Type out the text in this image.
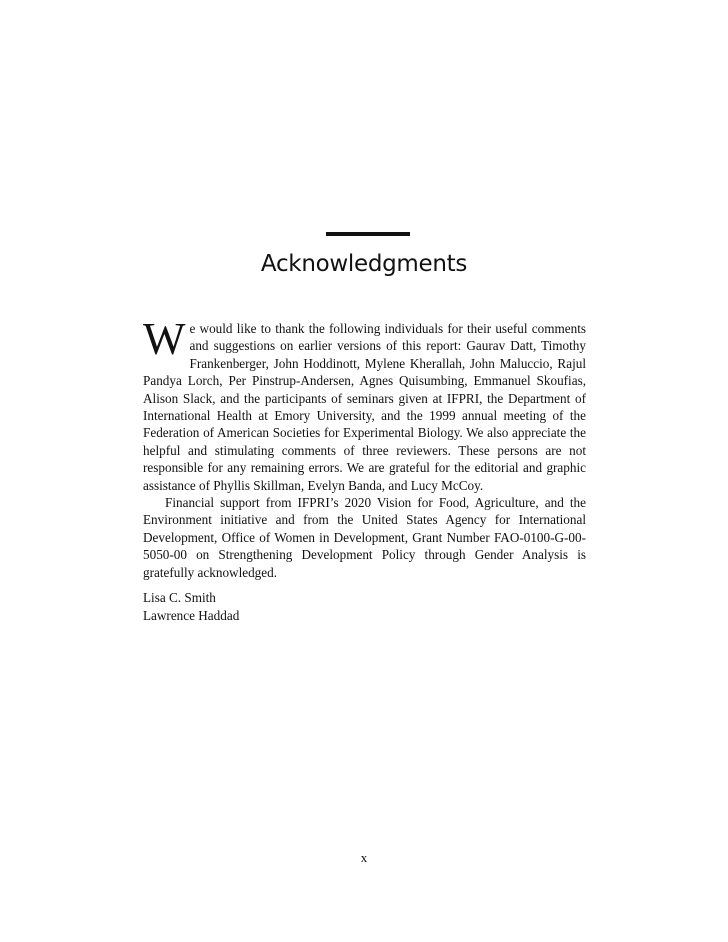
Acknowledgments

We would like to thank the following individuals for their useful comments and suggestions on earlier versions of this report: Gaurav Datt, Timothy Frankenberger, John Hoddinott, Mylene Kherallah, John Maluccio, Rajul Pandya Lorch, Per Pinstrup-Andersen, Agnes Quisumbing, Emmanuel Skoufias, Alison Slack, and the participants of seminars given at IFPRI, the Department of International Health at Emory University, and the 1999 annual meeting of the Federation of American Societies for Experimental Biology. We also appreciate the helpful and stimulating comments of three reviewers. These persons are not responsible for any remaining errors. We are grateful for the editorial and graphic assistance of Phyllis Skillman, Evelyn Banda, and Lucy McCoy.

Financial support from IFPRI’s 2020 Vision for Food, Agriculture, and the Environment initiative and from the United States Agency for International Development, Office of Women in Development, Grant Number FAO-0100-G-00-5050-00 on Strengthening Development Policy through Gender Analysis is gratefully acknowledged.

Lisa C. Smith
Lawrence Haddad
x
